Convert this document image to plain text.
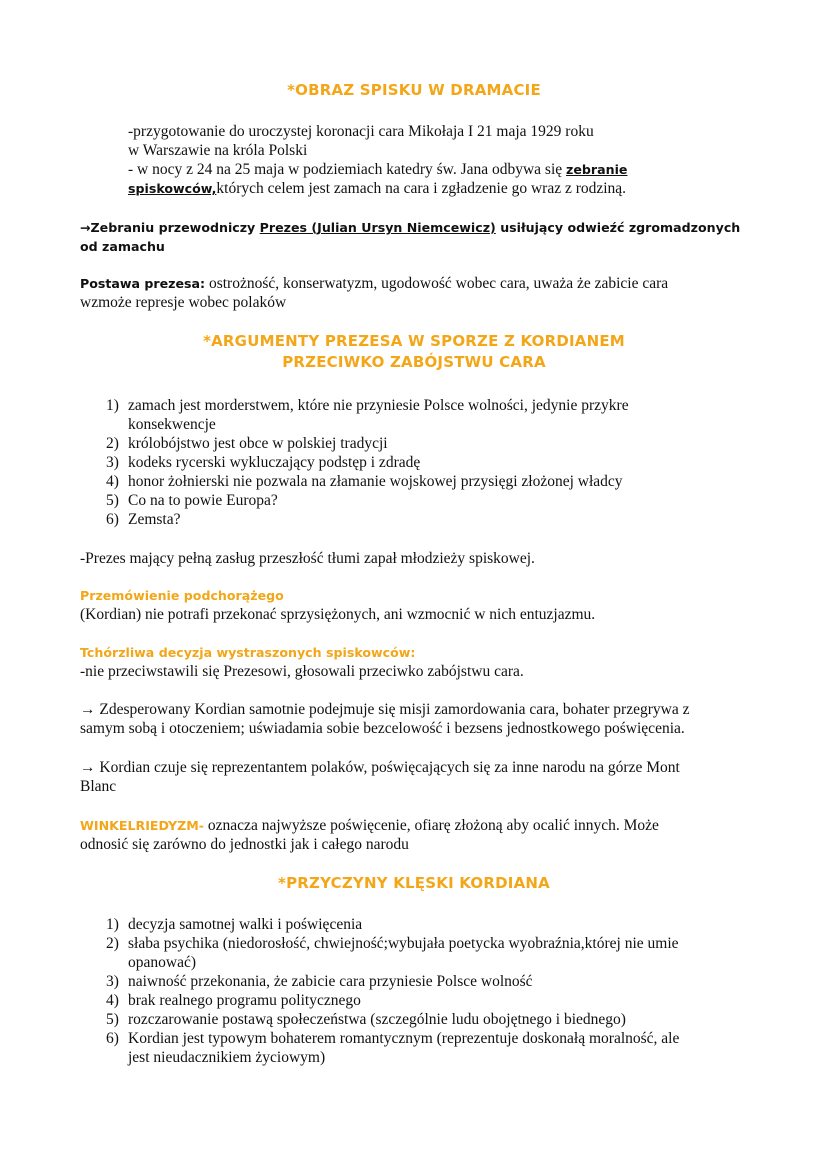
*OBRAZ SPISKU W DRAMACIE
-przygotowanie do uroczystej koronacji cara Mikołaja I 21 maja 1929 roku
w Warszawie na króla Polski
- w nocy z 24 na 25 maja w podziemiach katedry św. Jana odbywa się zebranie
spiskowców,których celem jest zamach na cara i zgładzenie go wraz z rodziną.
→Zebraniu przewodniczy Prezes (Julian Ursyn Niemcewicz) usiłujący odwieźć zgromadzonych
od zamachu
Postawa prezesa: ostrożność, konserwatyzm, ugodowość wobec cara, uważa że zabicie cara
wzmoże represje wobec polaków
*ARGUMENTY PREZESA W SPORZE Z KORDIANEM
PRZECIWKO ZABÓJSTWU CARA
1) zamach jest morderstwem, które nie przyniesie Polsce wolności, jedynie przykre
konsekwencje
2) królobójstwo jest obce w polskiej tradycji
3) kodeks rycerski wykluczający podstęp i zdradę
4) honor żołnierski nie pozwala na złamanie wojskowej przysięgi złożonej władcy
5) Co na to powie Europa?
6) Zemsta?
-Prezes mający pełną zasług przeszłość tłumi zapał młodzieży spiskowej.
Przemówienie podchorążego
(Kordian) nie potrafi przekonać sprzysiężonych, ani wzmocnić w nich entuzjazmu.
Tchórzliwa decyzja wystraszonych spiskowców:
-nie przeciwstawili się Prezesowi, głosowali przeciwko zabójstwu cara.
→ Zdesperowany Kordian samotnie podejmuje się misji zamordowania cara, bohater przegrywa z
samym sobą i otoczeniem; uświadamia sobie bezcelowość i bezsens jednostkowego poświęcenia.
→ Kordian czuje się reprezentantem polaków, poświęcających się za inne narodu na górze Mont
Blanc
WINKELRIEDYZM- oznacza najwyższe poświęcenie, ofiarę złożoną aby ocalić innych. Może
odnosić się zarówno do jednostki jak i całego narodu
*PRZYCZYNY KLĘSKI KORDIANA
1) decyzja samotnej walki i poświęcenia
2) słaba psychika (niedorosłość, chwiejność;wybujała poetycka wyobraźnia,której nie umie
opanować)
3) naiwność przekonania, że zabicie cara przyniesie Polsce wolność
4) brak realnego programu politycznego
5) rozczarowanie postawą społeczeństwa (szczególnie ludu obojętnego i biednego)
6) Kordian jest typowym bohaterem romantycznym (reprezentuje doskonałą moralność, ale
jest nieudacznikiem życiowym)
